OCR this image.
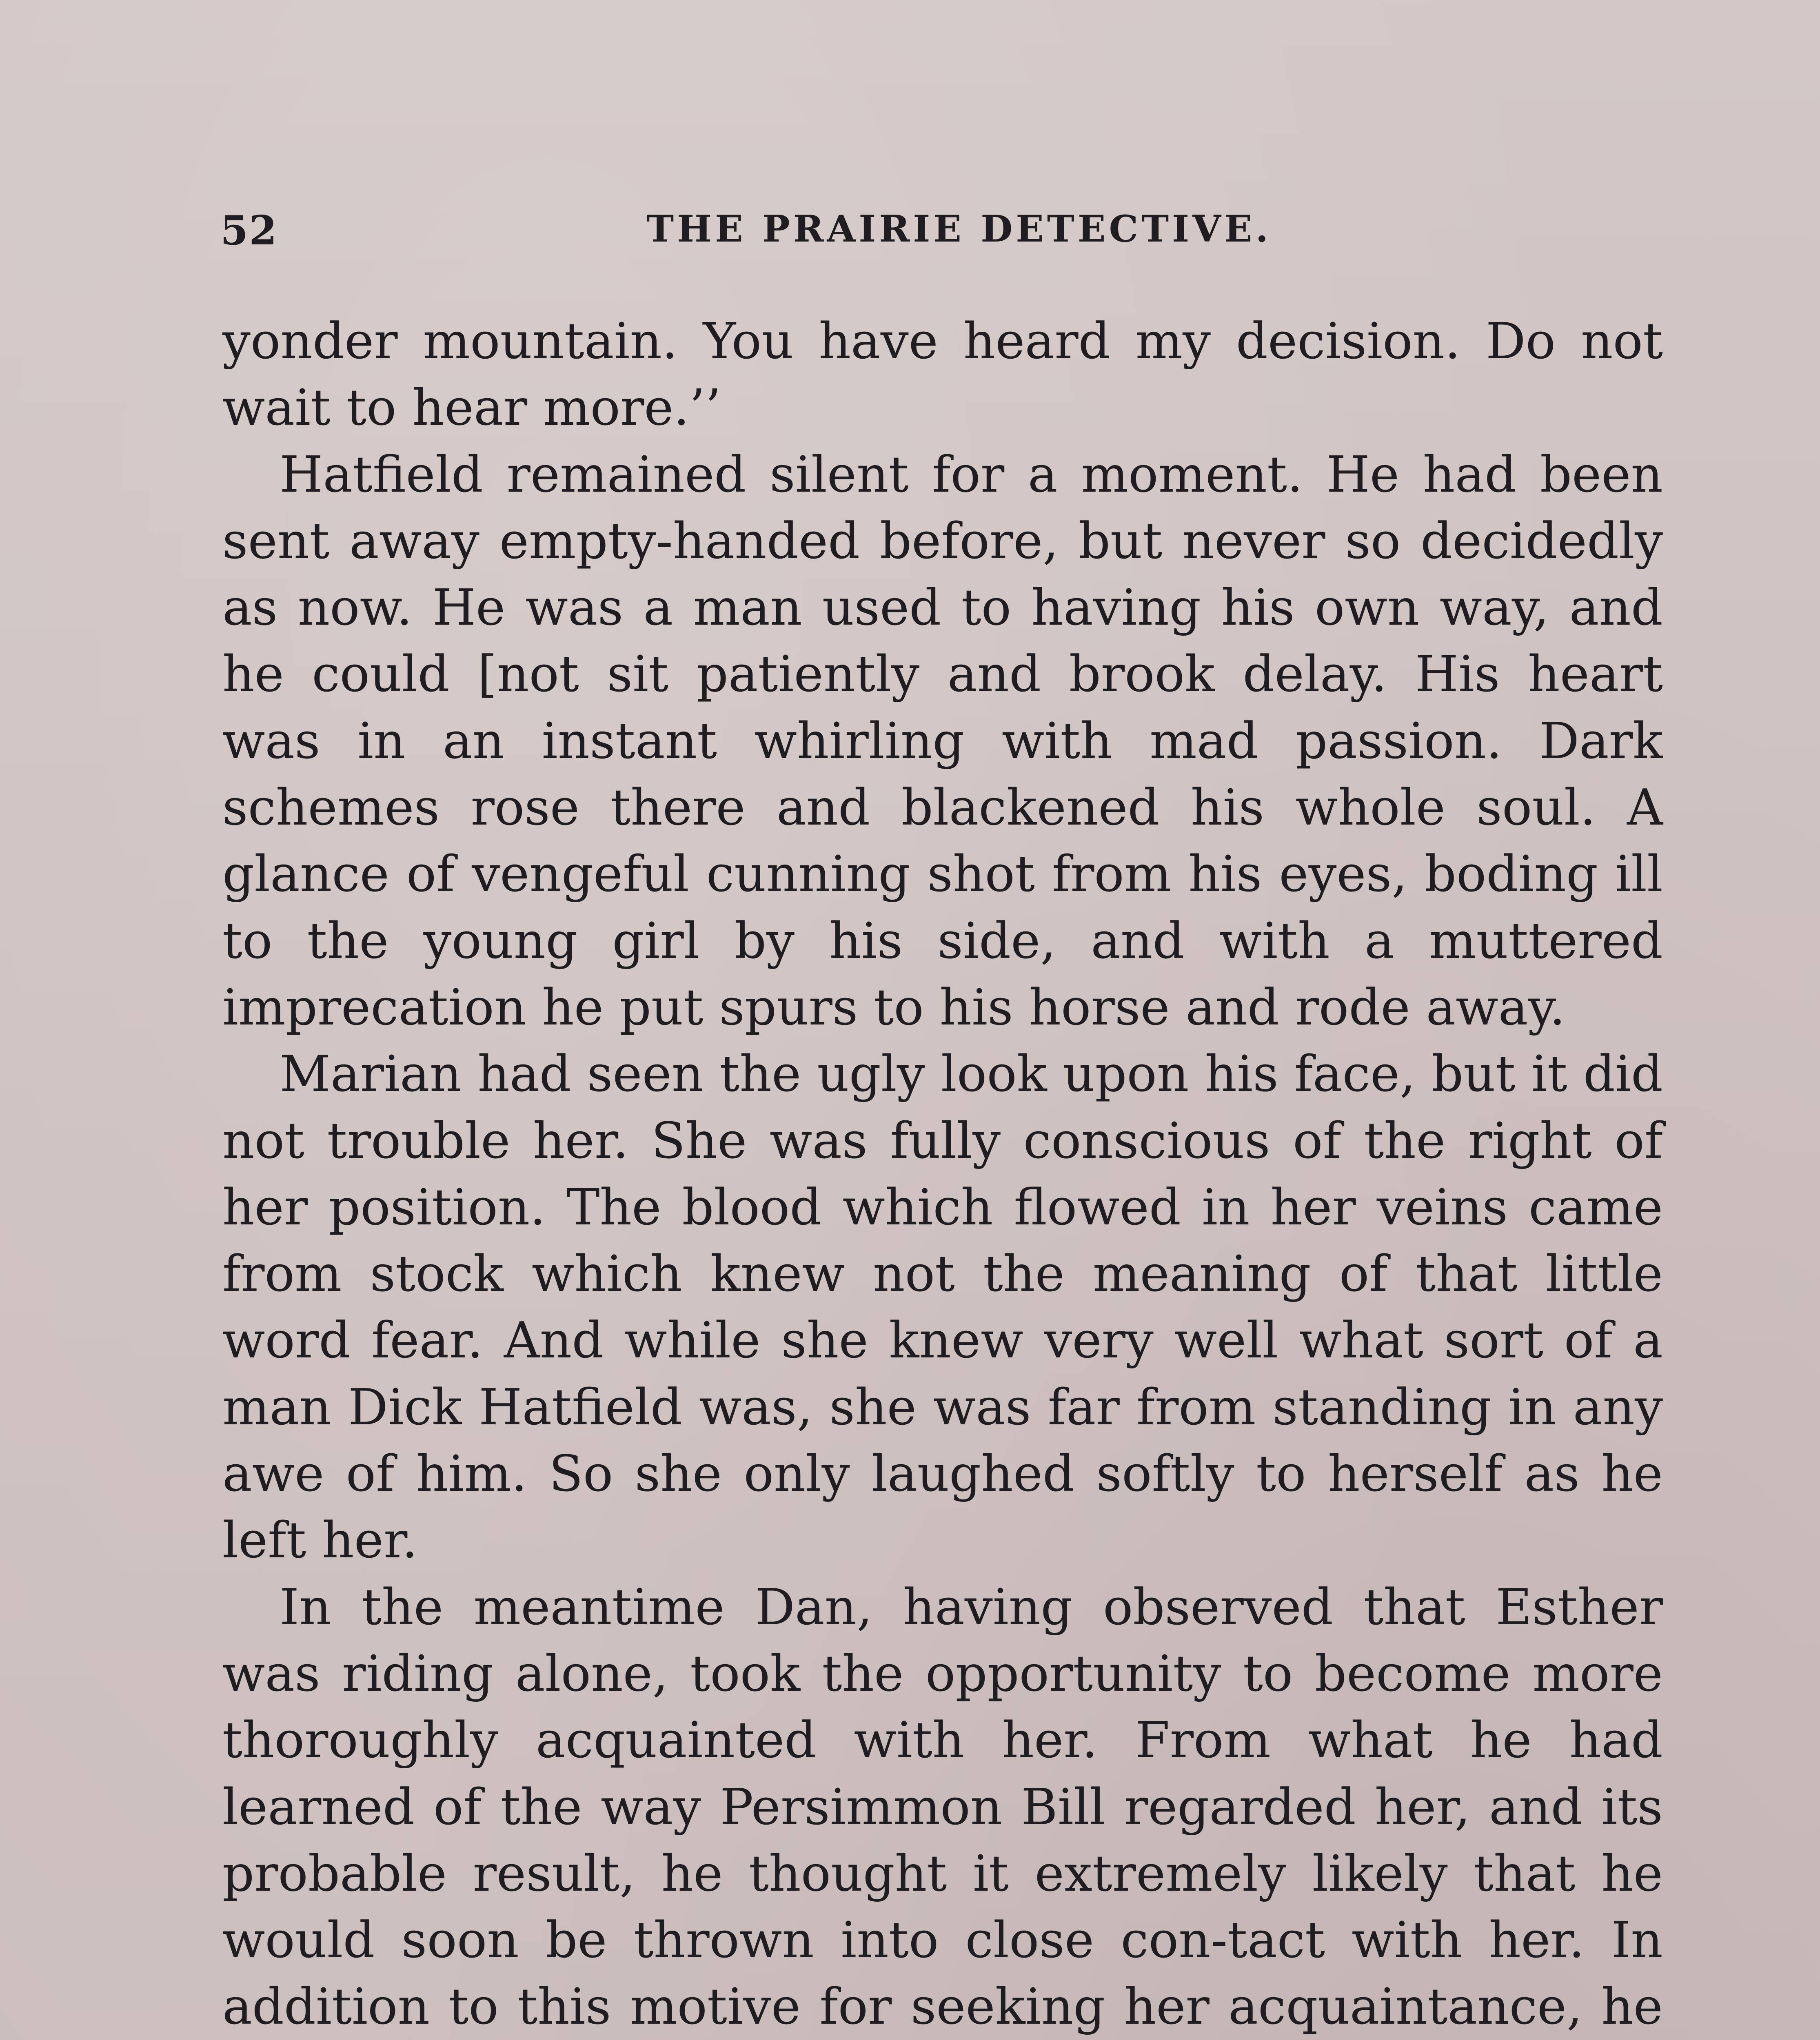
52	THE PRAIRIE DETECTIVE.

yonder mountain. You have heard my decision. Do not wait to hear more.’’

Hatfield remained silent for a moment. He had been sent away empty-handed before, but never so decidedly as now. He was a man used to having his own way, and he could [not sit patiently and brook delay. His heart was in an instant whirling with mad passion. Dark schemes rose there and blackened his whole soul. A glance of vengeful cunning shot from his eyes, boding ill to the young girl by his side, and with a muttered imprecation he put spurs to his horse and rode away.

Marian had seen the ugly look upon his face, but it did not trouble her. She was fully conscious of the right of her position. The blood which flowed in her veins came from stock which knew not the meaning of that little word fear. And while she knew very well what sort of a man Dick Hatfield was, she was far from standing in any awe of him. So she only laughed softly to herself as he left her.

In the meantime Dan, having observed that Esther was riding alone, took the opportunity to become more thoroughly acquainted with her. From what he had learned of the way Persimmon Bill regarded her, and its probable result, he thought it extremely likely that he would soon be thrown into close con-tact with her. In addition to this motive for seeking her acquaintance, he
